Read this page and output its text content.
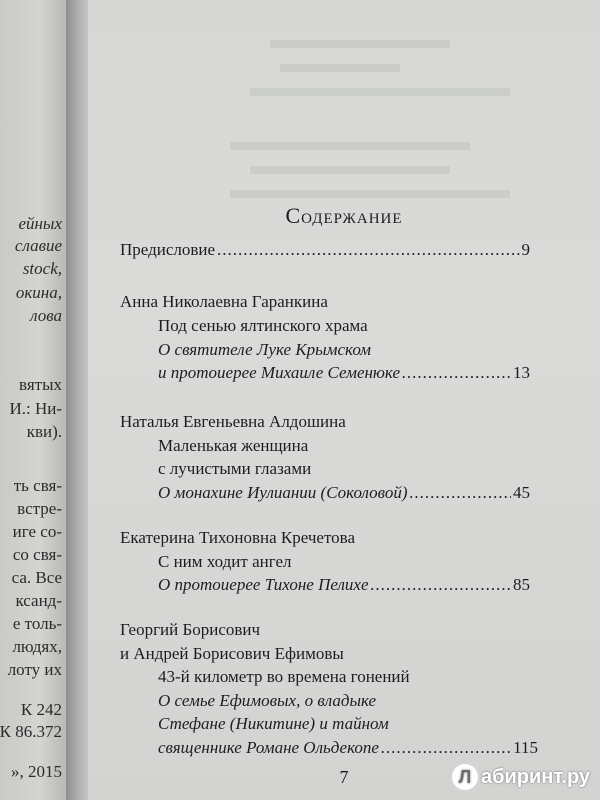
ейных
славие
stock,
окина,
лова
вятых
И.: Ни-
кви).
ть свя-
встре-
иге со-
со свя-
са. Все
ксанд-
е толь-
людях,
лоту их
К 242
К 86.372
», 2015
Содержание
Предисловие .....	9
Анна Николаевна Гаранкина
Под сенью ялтинского храма
О святителе Луке Крымском
и протоиерее Михаиле Семенюке .....	13
Наталья Евгеньевна Алдошина
Маленькая женщина
с лучистыми глазами
О монахине Иулиании (Соколовой) .....	45
Екатерина Тихоновна Кречетова
С ним ходит ангел
О протоиерее Тихоне Пелихе .....	85
Георгий Борисович
и Андрей Борисович Ефимовы
43-й километр во времена гонений
О семье Ефимовых, о владыке
Стефане (Никитине) и тайном
священнике Романе Ольдекопе .....	115
7	Л абиринт.ру
